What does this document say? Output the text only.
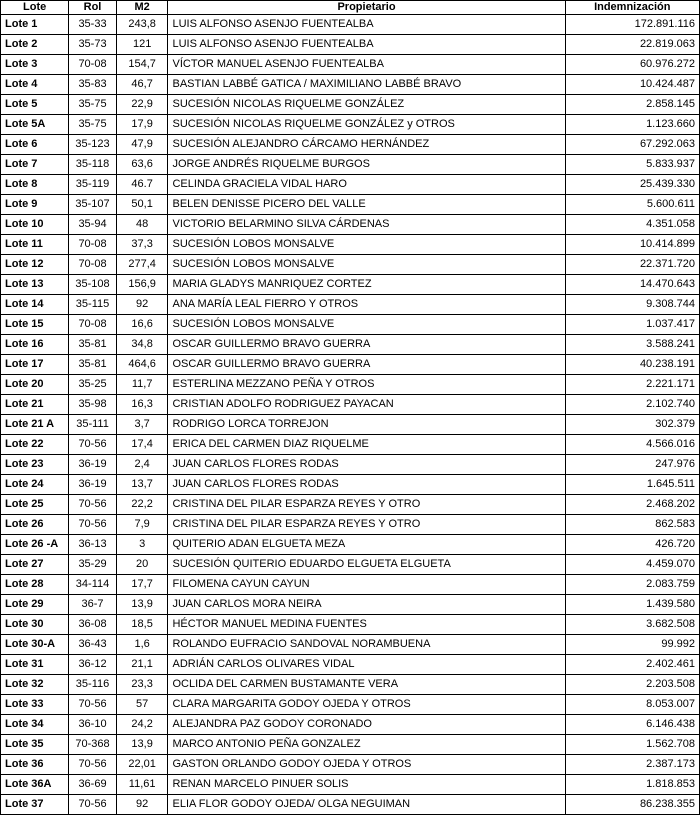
Lote	Rol	M2	Propietario	Indemnización
Lote 1	35-33	243,8	LUIS ALFONSO ASENJO FUENTEALBA	172.891.116
Lote 2	35-73	121	LUIS ALFONSO ASENJO FUENTEALBA	22.819.063
Lote 3	70-08	154,7	VÍCTOR MANUEL ASENJO FUENTEALBA	60.976.272
Lote 4	35-83	46,7	BASTIAN LABBÉ GATICA / MAXIMILIANO LABBÉ BRAVO	10.424.487
Lote 5	35-75	22,9	SUCESIÓN NICOLAS RIQUELME GONZÁLEZ	2.858.145
Lote 5A	35-75	17,9	SUCESIÓN NICOLAS RIQUELME GONZÁLEZ y OTROS	1.123.660
Lote 6	35-123	47,9	SUCESIÓN ALEJANDRO CÁRCAMO HERNÁNDEZ	67.292.063
Lote 7	35-118	63,6	JORGE ANDRÉS RIQUELME BURGOS	5.833.937
Lote 8	35-119	46.7	CELINDA GRACIELA VIDAL HARO	25.439.330
Lote 9	35-107	50,1	BELEN DENISSE PICERO DEL VALLE	5.600.611
Lote 10	35-94	48	VICTORIO BELARMINO SILVA CÁRDENAS	4.351.058
Lote 11	70-08	37,3	SUCESIÓN LOBOS MONSALVE	10.414.899
Lote 12	70-08	277,4	SUCESIÓN LOBOS MONSALVE	22.371.720
Lote 13	35-108	156,9	MARIA GLADYS MANRIQUEZ CORTEZ	14.470.643
Lote 14	35-115	92	ANA MARÍA LEAL FIERRO Y OTROS	9.308.744
Lote 15	70-08	16,6	SUCESIÓN LOBOS MONSALVE	1.037.417
Lote 16	35-81	34,8	OSCAR GUILLERMO BRAVO GUERRA	3.588.241
Lote 17	35-81	464,6	OSCAR GUILLERMO BRAVO GUERRA	40.238.191
Lote 20	35-25	11,7	ESTERLINA MEZZANO PEÑA Y OTROS	2.221.171
Lote 21	35-98	16,3	CRISTIAN ADOLFO RODRIGUEZ PAYACAN	2.102.740
Lote 21 A	35-111	3,7	RODRIGO LORCA TORREJON	302.379
Lote 22	70-56	17,4	ERICA DEL CARMEN DIAZ RIQUELME	4.566.016
Lote 23	36-19	2,4	JUAN CARLOS FLORES RODAS	247.976
Lote 24	36-19	13,7	JUAN CARLOS FLORES RODAS	1.645.511
Lote 25	70-56	22,2	CRISTINA DEL PILAR ESPARZA REYES Y OTRO	2.468.202
Lote 26	70-56	7,9	CRISTINA DEL PILAR ESPARZA REYES Y OTRO	862.583
Lote 26 -A	36-13	3	QUITERIO ADAN ELGUETA MEZA	426.720
Lote 27	35-29	20	SUCESIÓN QUITERIO EDUARDO ELGUETA ELGUETA	4.459.070
Lote 28	34-114	17,7	FILOMENA CAYUN CAYUN	2.083.759
Lote 29	36-7	13,9	JUAN CARLOS MORA NEIRA	1.439.580
Lote 30	36-08	18,5	HÉCTOR MANUEL MEDINA FUENTES	3.682.508
Lote 30-A	36-43	1,6	ROLANDO EUFRACIO SANDOVAL NORAMBUENA	99.992
Lote 31	36-12	21,1	ADRIÁN CARLOS OLIVARES VIDAL	2.402.461
Lote 32	35-116	23,3	OCLIDA DEL CARMEN BUSTAMANTE VERA	2.203.508
Lote 33	70-56	57	CLARA MARGARITA GODOY OJEDA Y OTROS	8.053.007
Lote 34	36-10	24,2	ALEJANDRA PAZ GODOY CORONADO	6.146.438
Lote 35	70-368	13,9	MARCO ANTONIO PEÑA GONZALEZ	1.562.708
Lote 36	70-56	22,01	GASTON ORLANDO GODOY OJEDA Y OTROS	2.387.173
Lote 36A	36-69	11,61	RENAN MARCELO PINUER SOLIS	1.818.853
Lote 37	70-56	92	ELIA FLOR GODOY OJEDA/ OLGA NEGUIMAN	86.238.355
